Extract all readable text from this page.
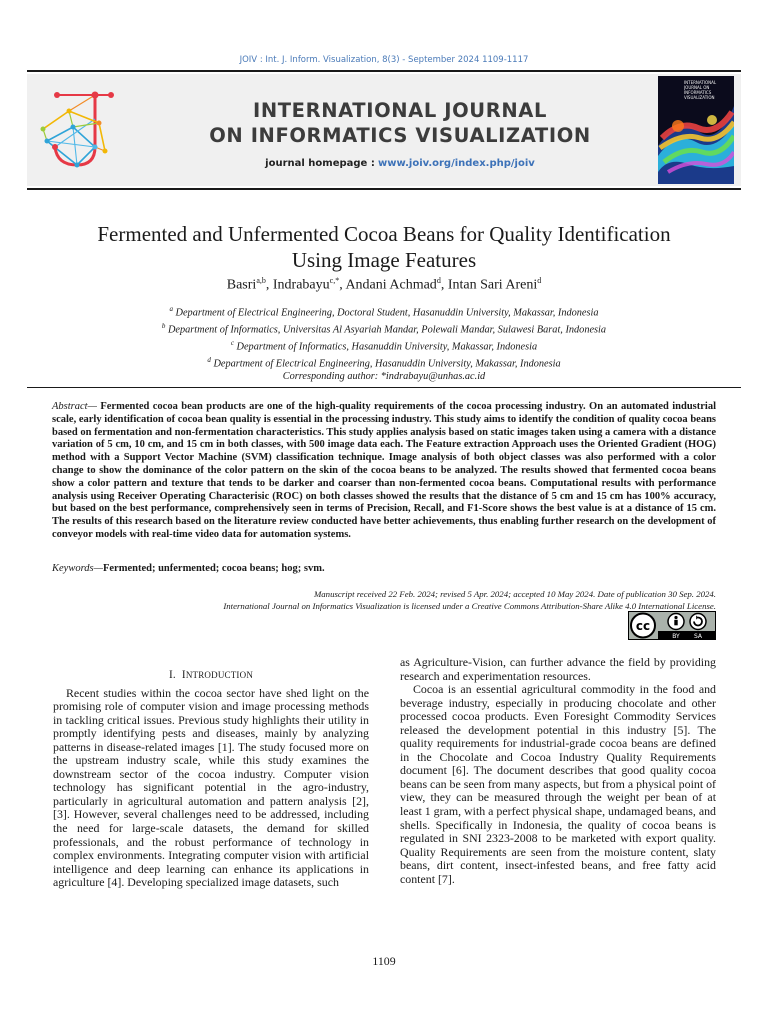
JOIV : Int. J. Inform. Visualization, 8(3) - September 2024 1109-1117
INTERNATIONAL JOURNAL
ON INFORMATICS VISUALIZATION
journal homepage : www.joiv.org/index.php/joiv
INTERNATIONAL
JOURNAL ON
INFORMATICS
VISUALIZATION
Fermented and Unfermented Cocoa Beans for Quality Identification
Using Image Features
Basri$^{a,b}$, Indrabayu$^{c,*}$, Andani Achmad$^d$, Intan Sari Areni$^d$
$^a$ Department of Electrical Engineering, Doctoral Student, Hasanuddin University, Makassar, Indonesia
$^b$ Department of Informatics, Universitas Al Asyariah Mandar, Polewali Mandar, Sulawesi Barat, Indonesia
$^c$ Department of Informatics, Hasanuddin University, Makassar, Indonesia
$^d$ Department of Electrical Engineering, Hasanuddin University, Makassar, Indonesia
Corresponding author: *indrabayu@unhas.ac.id
Abstract— Fermented cocoa bean products are one of the high-quality requirements of the cocoa processing industry. On an automated industrial scale, early identification of cocoa bean quality is essential in the processing industry. This study aims to identify the condition of quality cocoa beans based on fermentation and non-fermentation characteristics. This study applies analysis based on static images taken using a camera with a distance variation of 5 cm, 10 cm, and 15 cm in both classes, with 500 image data each. The Feature extraction Approach uses the Oriented Gradient (HOG) method with a Support Vector Machine (SVM) classification technique. Image analysis of both object classes was also performed with a color change to show the dominance of the color pattern on the skin of the cocoa beans to be analyzed. The results showed that fermented cocoa beans show a color pattern and texture that tends to be darker and coarser than non-fermented cocoa beans. Computational results with performance analysis using Receiver Operating Characterisic (ROC) on both classes showed the results that the distance of 5 cm and 15 cm has 100% accuracy, but based on the best performance, comprehensively seen in terms of Precision, Recall, and F1-Score shows the best value is at a distance of 15 cm. The results of this research based on the literature review conducted have better achievements, thus enabling further research on the development of conveyor models with real-time video data for automation systems.
Keywords—Fermented; unfermented; cocoa beans; hog; svm.
Manuscript received 22 Feb. 2024; revised 5 Apr. 2024; accepted 10 May 2024. Date of publication 30 Sep. 2024.
International Journal on Informatics Visualization is licensed under a Creative Commons Attribution-Share Alike 4.0 International License.
cc
BY SA
I. INTRODUCTION

Recent studies within the cocoa sector have shed light on the promising role of computer vision and image processing methods in tackling critical issues. Previous study highlights their utility in promptly identifying pests and diseases, mainly by analyzing patterns in disease-related images [1]. The study focused more on the upstream industry scale, while this study examines the downstream sector of the cocoa industry. Computer vision technology has significant potential in the agro-industry, particularly in agricultural automation and pattern analysis [2], [3]. However, several challenges need to be addressed, including the need for large-scale datasets, the demand for skilled professionals, and the robust performance of technology in complex environments. Integrating computer vision with artificial intelligence and deep learning can enhance its applications in agriculture [4]. Developing specialized image datasets, such

as Agriculture-Vision, can further advance the field by providing research and experimentation resources.

Cocoa is an essential agricultural commodity in the food and beverage industry, especially in producing chocolate and other processed cocoa products. Even Foresight Commodity Services released the development potential in this industry [5]. The quality requirements for industrial-grade cocoa beans are defined in the Chocolate and Cocoa Industry Quality Requirements document [6]. The document describes that good quality cocoa beans can be seen from many aspects, but from a physical point of view, they can be measured through the weight per bean of at least 1 gram, with a perfect physical shape, undamaged beans, and shells. Specifically in Indonesia, the quality of cocoa beans is regulated in SNI 2323-2008 to be marketed with export quality. Quality Requirements are seen from the moisture content, slaty beans, dirt content, insect-infested beans, and free fatty acid content [7].

1109
